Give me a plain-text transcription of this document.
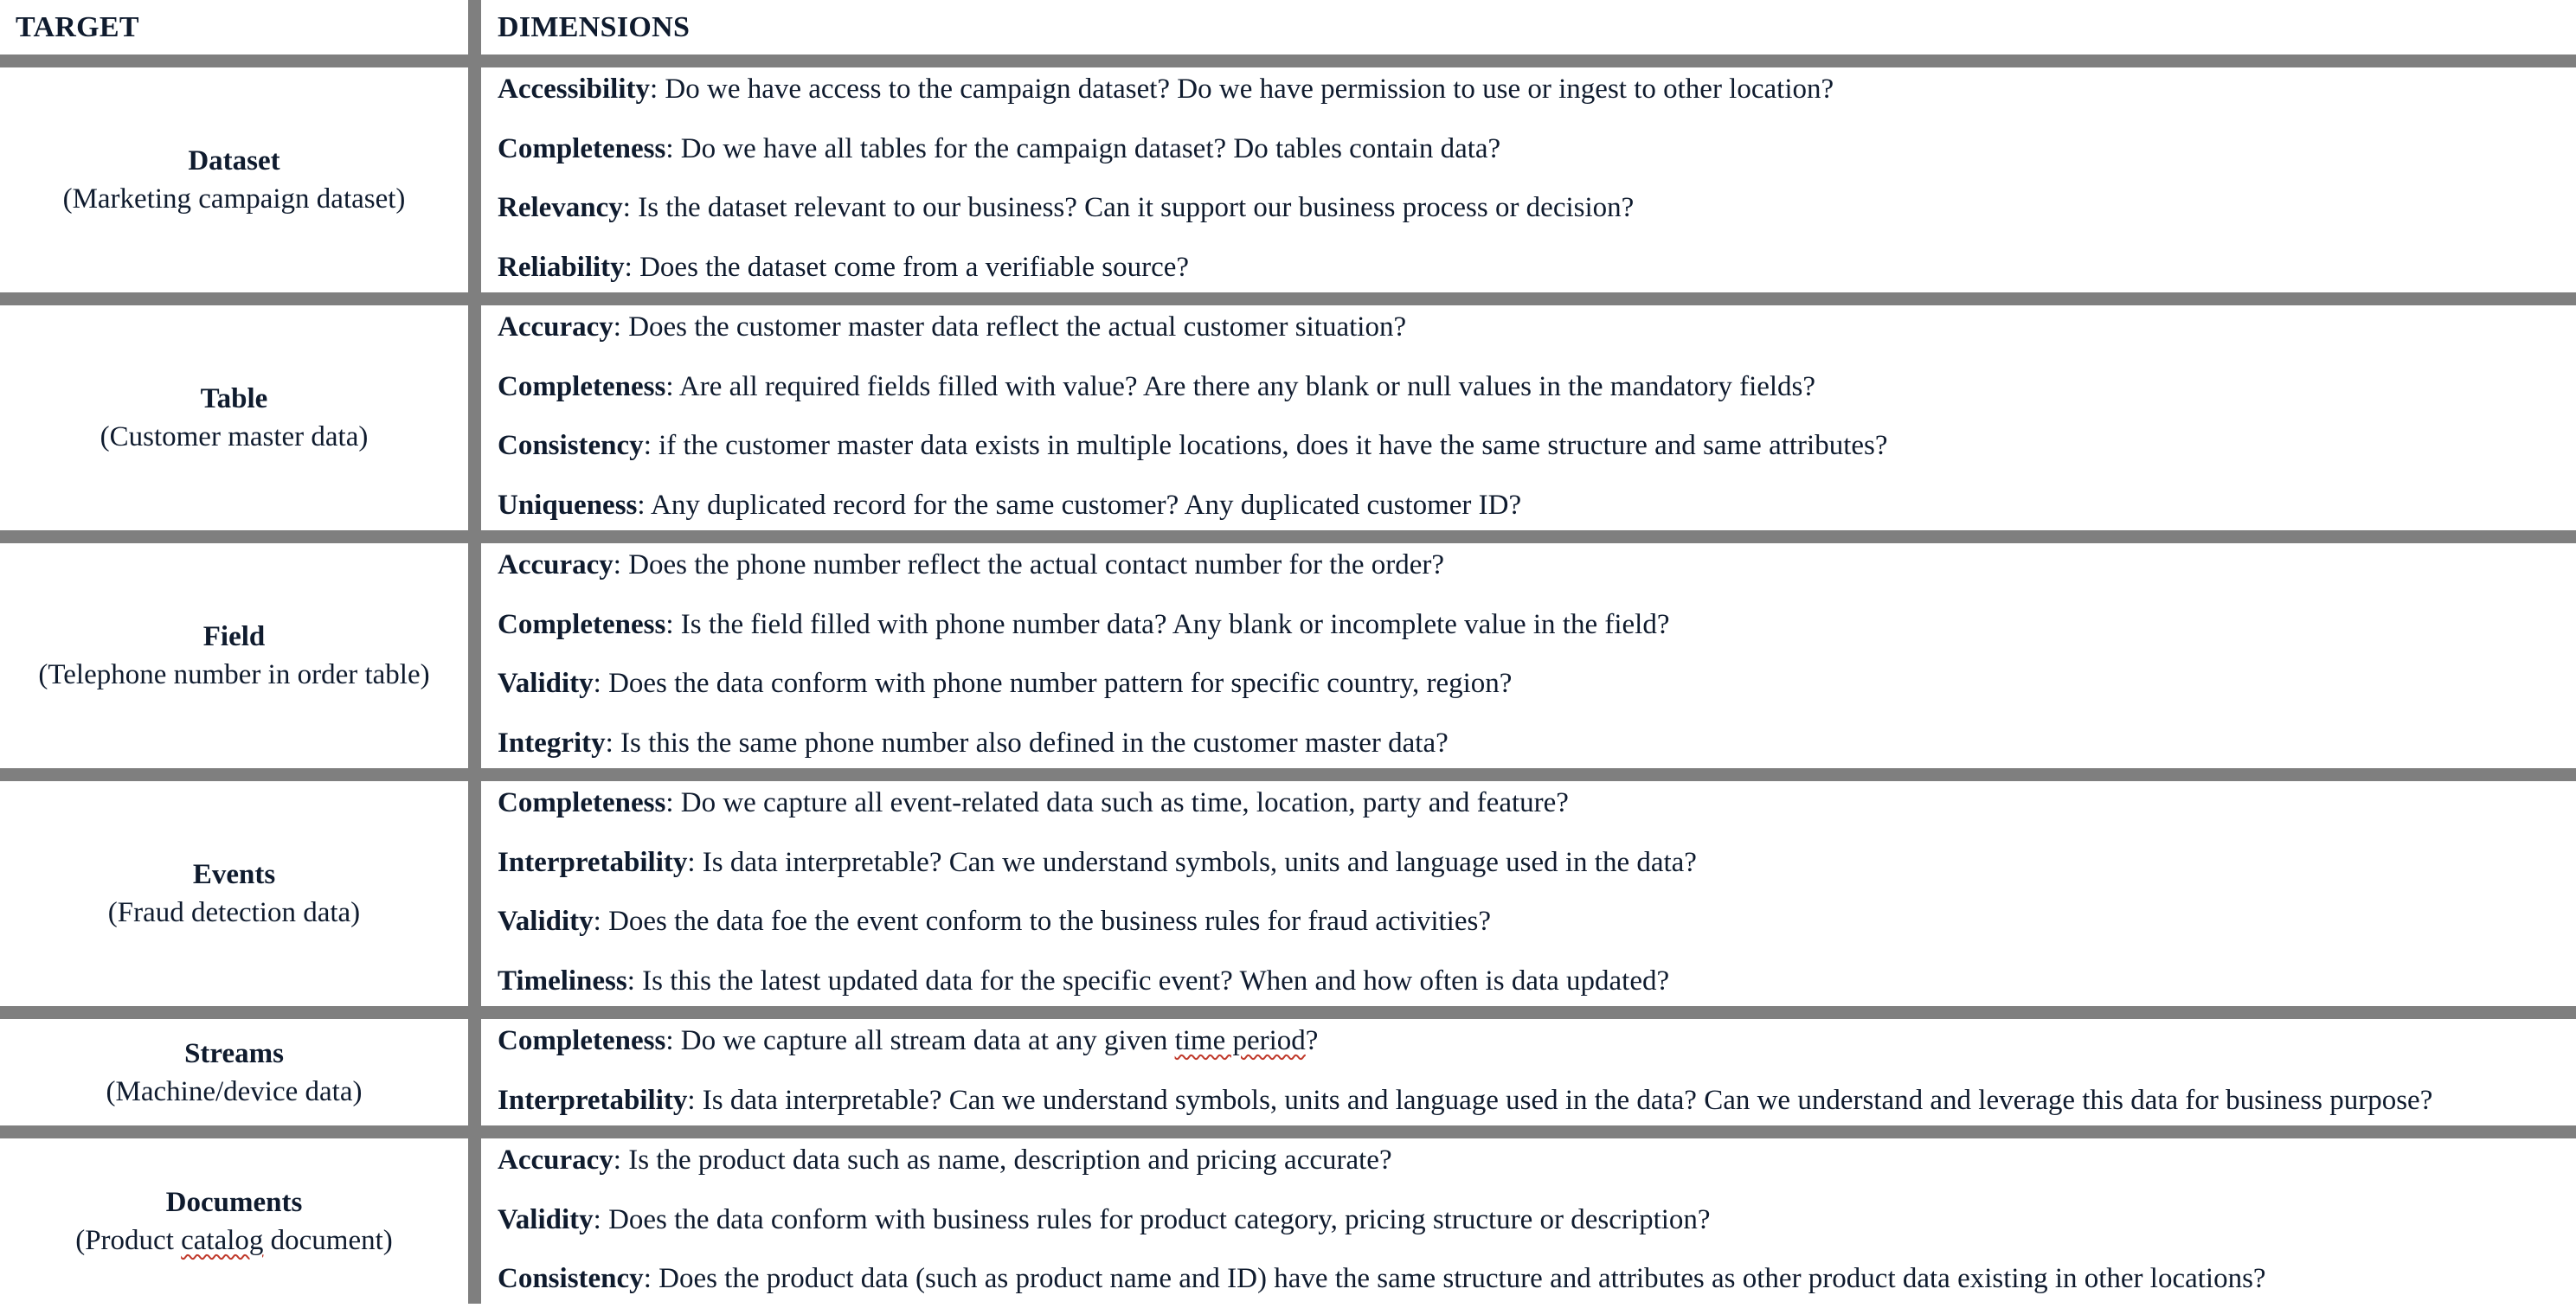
TARGET	DIMENSIONS
Dataset
(Marketing campaign dataset)
Accessibility : Do we have access to the campaign dataset? Do we have permission to use or ingest to other location?
Completeness : Do we have all tables for the campaign dataset? Do tables contain data?
Relevancy : Is the dataset relevant to our business? Can it support our business process or decision?
Reliability : Does the dataset come from a verifiable source?
Table
(Customer master data)
Accuracy : Does the customer master data reflect the actual customer situation?
Completeness : Are all required fields filled with value? Are there any blank or null values in the mandatory fields?
Consistency : if the customer master data exists in multiple locations, does it have the same structure and same attributes?
Uniqueness : Any duplicated record for the same customer? Any duplicated customer ID?
Field
(Telephone number in order table)
Accuracy : Does the phone number reflect the actual contact number for the order?
Completeness : Is the field filled with phone number data? Any blank or incomplete value in the field?
Validity : Does the data conform with phone number pattern for specific country, region?
Integrity : Is this the same phone number also defined in the customer master data?
Events
(Fraud detection data)
Completeness : Do we capture all event-related data such as time, location, party and feature?
Interpretability : Is data interpretable? Can we understand symbols, units and language used in the data?
Validity : Does the data foe the event conform to the business rules for fraud activities?
Timeliness : Is this the latest updated data for the specific event? When and how often is data updated?
Streams
(Machine/device data)
Completeness : Do we capture all stream data at any given time period ?
Interpretability : Is data interpretable? Can we understand symbols, units and language used in the data? Can we understand and leverage this data for business purpose?
Documents
(Product catalog document)
Accuracy : Is the product data such as name, description and pricing accurate?
Validity : Does the data conform with business rules for product category, pricing structure or description?
Consistency : Does the product data (such as product name and ID) have the same structure and attributes as other product data existing in other locations?
